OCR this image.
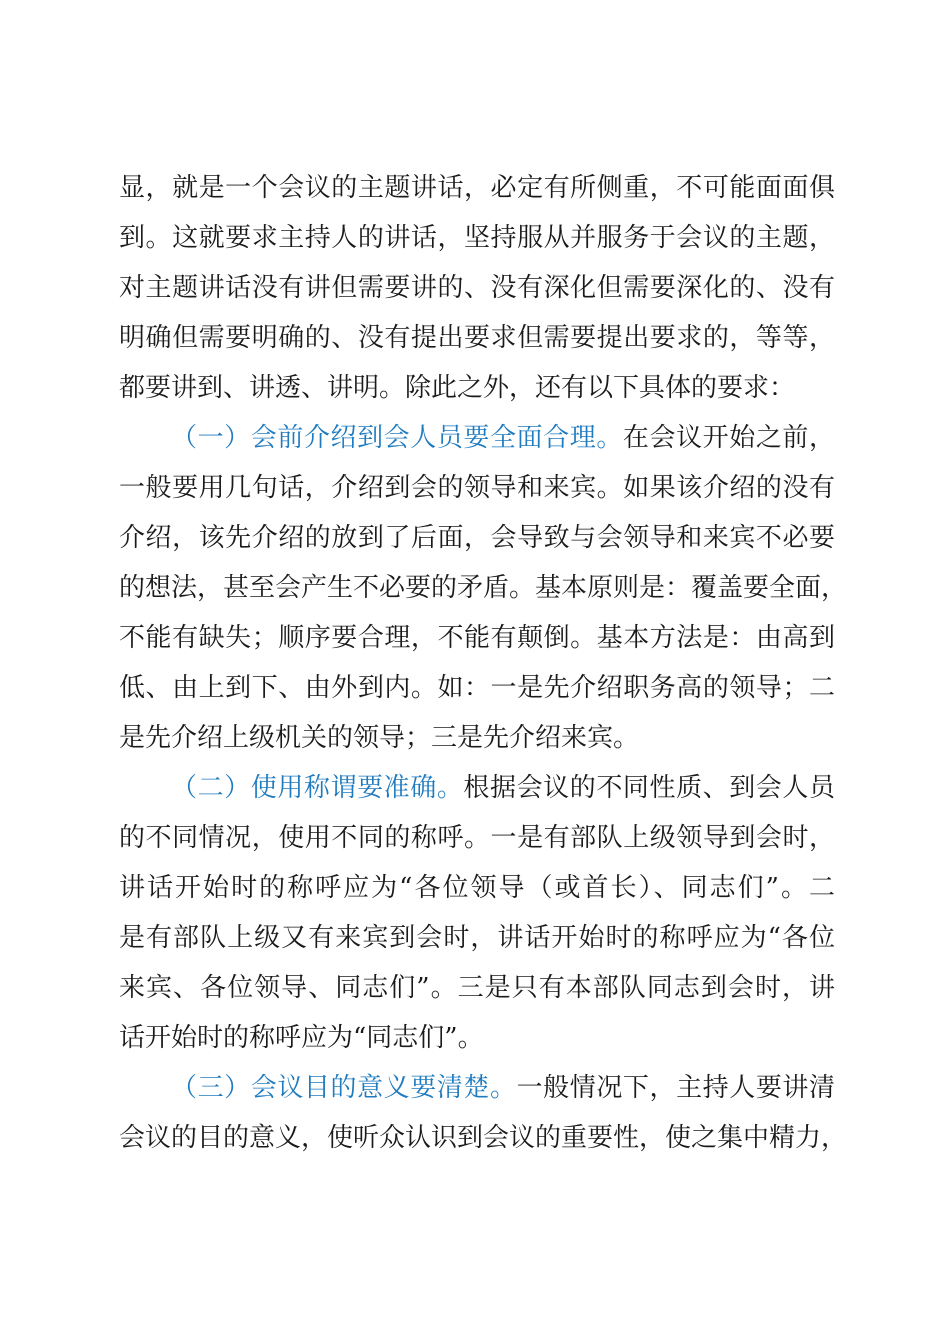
显，就是一个会议的主题讲话，必定有所侧重，不可能面面俱
到。这就要求主持人的讲话，坚持服从并服务于会议的主题，
对主题讲话没有讲但需要讲的、没有深化但需要深化的、没有
明确但需要明确的、没有提出要求但需要提出要求的，等等，
都要讲到、讲透、讲明。除此之外，还有以下具体的要求：
（一）会前介绍到会人员要全面合理。在会议开始之前，
一般要用几句话，介绍到会的领导和来宾。如果该介绍的没有
介绍，该先介绍的放到了后面，会导致与会领导和来宾不必要
的想法，甚至会产生不必要的矛盾。基本原则是：覆盖要全面，
不能有缺失；顺序要合理，不能有颠倒。基本方法是：由高到
低、由上到下、由外到内。如：一是先介绍职务高的领导；二
是先介绍上级机关的领导；三是先介绍来宾。
（二）使用称谓要准确。根据会议的不同性质、到会人员
的不同情况，使用不同的称呼。一是有部队上级领导到会时，
讲话开始时的称呼应为“各位领导（或首长）、同志们”。二
是有部队上级又有来宾到会时，讲话开始时的称呼应为“各位
来宾、各位领导、同志们”。三是只有本部队同志到会时，讲
话开始时的称呼应为“同志们”。
（三）会议目的意义要清楚。一般情况下，主持人要讲清
会议的目的意义，使听众认识到会议的重要性，使之集中精力，
